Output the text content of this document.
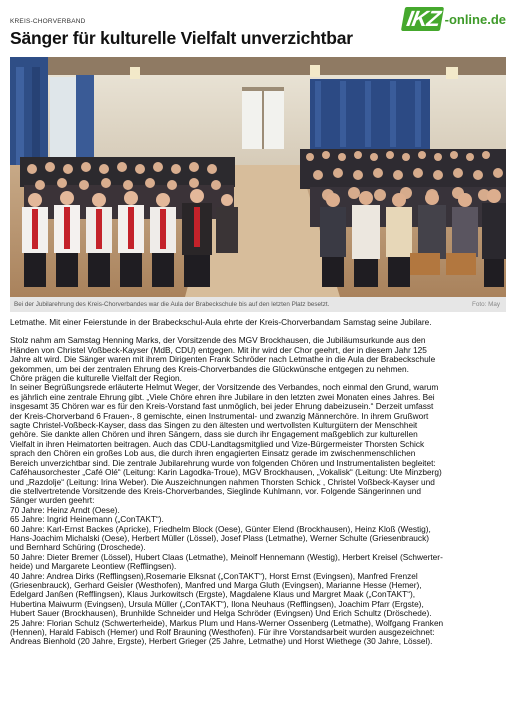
KREIS-CHORVERBAND
Sänger für kulturelle Vielfalt unverzichtbar
IKZ -online.de
Bei der Jubilarehrung des Kreis-Chorverbandes war die Aula der Brabeckschule bis auf den letzten Platz besetzt.	Foto: May

Letmathe. Mit einer Feierstunde in der Brabeckschul-Aula ehrte der Kreis-Chorverbandam Samstag seine Jubilare.

Stolz nahm am Samstag Henning Marks, der Vorsitzende des MGV Brockhausen, die Jubiläumsurkunde aus den

Händen von Christel Voßbeck-Kayser (MdB, CDU) entgegen. Mit ihr wird der Chor geehrt, der in diesem Jahr 125

Jahre alt wird. Die Sänger waren mit ihrem Dirigenten Frank Schröder nach Letmathe in die Aula der Brabeckschule

gekommen, um bei der zentralen Ehrung des Kreis-Chorverbandes die Glückwünsche entgegen zu nehmen.

Chöre prägen die kulturelle Vielfalt der Region.

In seiner Begrüßungsrede erläuterte Helmut Weger, der Vorsitzende des Verbandes, noch einmal den Grund, warum

es jährlich eine zentrale Ehrung gibt. „Viele Chöre ehren ihre Jubilare in den letzten zwei Monaten eines Jahres. Bei

insgesamt 35 Chören war es für den Kreis-Vorstand fast unmöglich, bei jeder Ehrung dabeizusein.“ Derzeit umfasst

der Kreis-Chorverband 6 Frauen-, 8 gemischte, einen Instrumental- und zwanzig Männerchöre. In ihrem Grußwort

sagte Christel-Voßbeck-Kayser, dass das Singen zu den ältesten und wertvollsten Kulturgütern der Menschheit

gehöre. Sie dankte allen Chören und ihren Sängern, dass sie durch ihr Engagement maßgeblich zur kulturellen

Vielfalt in ihren Heimatorten beitragen. Auch das CDU-Landtagsmitglied und Vize-Bürgermeister Thorsten Schick

sprach den Chören ein großes Lob aus, die durch ihren engagierten Einsatz gerade im zwischenmenschlichen

Bereich unverzichtbar sind. Die zentrale Jubilarehrung wurde von folgenden Chören und Instrumentalisten begleitet:

Caféhausorchester „Café Olé“ (Leitung: Karin Lagodka-Troue), MGV Brockhausen, „Vokalisk“ (Leitung: Ute Minzberg)

und „Razdolje“ (Leitung: Irina Weber). Die Auszeichnungen nahmen Thorsten Schick , Christel Voßbeck-Kayser und

die stellvertretende Vorsitzende des Kreis-Chorverbandes, Sieglinde Kuhlmann, vor. Folgende Sängerinnen und

Sänger wurden geehrt:

70 Jahre: Heinz Arndt (Oese).

65 Jahre: Ingrid Heinemann („ConTAKT“).

60 Jahre: Karl-Ernst Backes (Apricke), Friedhelm Block (Oese), Günter Elend (Brockhausen), Heinz Kloß (Westig),

Hans-Joachim Michalski (Oese), Herbert Müller (Lössel), Josef Plass (Letmathe), Werner Schulte (Griesenbrauck)

und Bernhard Schüring (Droschede).

50 Jahre: Dieter Bremer (Lössel), Hubert Claas (Letmathe), Meinolf Hennemann (Westig), Herbert Kreisel (Schwerter-

heide) und Margarete Leontiew (Refflingsen).

40 Jahre: Andrea Dirks (Refflingsen),Rosemarie Elksnat („ConTAKT“), Horst Ernst (Evingsen), Manfred Frenzel

(Griesenbrauck), Gerhard Geisler (Westhofen), Manfred und Marga Gluth (Evingsen), Marianne Hesse (Hemer),

Edelgard Janßen (Refflingsen), Klaus Jurkowitsch (Ergste), Magdalene Klaus und Margret Maak („ConTAKT“),

Hubertina Maiwurm (Evingsen), Ursula Müller („ConTAKT“), Ilona Neuhaus (Refflingsen), Joachim Pfarr (Ergste),

Hubert Sauer (Brockhausen), Brunhilde Schneider und Helga Schröder (Evingsen) Und Erich Schultz (Dröschede).

25 Jahre: Florian Schulz (Schwerterheide), Markus Plum und Hans-Werner Ossenberg (Letmathe), Wolfgang Franken

(Hennen), Harald Fabisch (Hemer) und Rolf Brauning (Westhofen). Für ihre Vorstandsarbeit wurden ausgezeichnet:

Andreas Bienhold (20 Jahre, Ergste), Herbert Grieger (25 Jahre, Letmathe) und Horst Wiethege (30 Jahre, Lössel).
